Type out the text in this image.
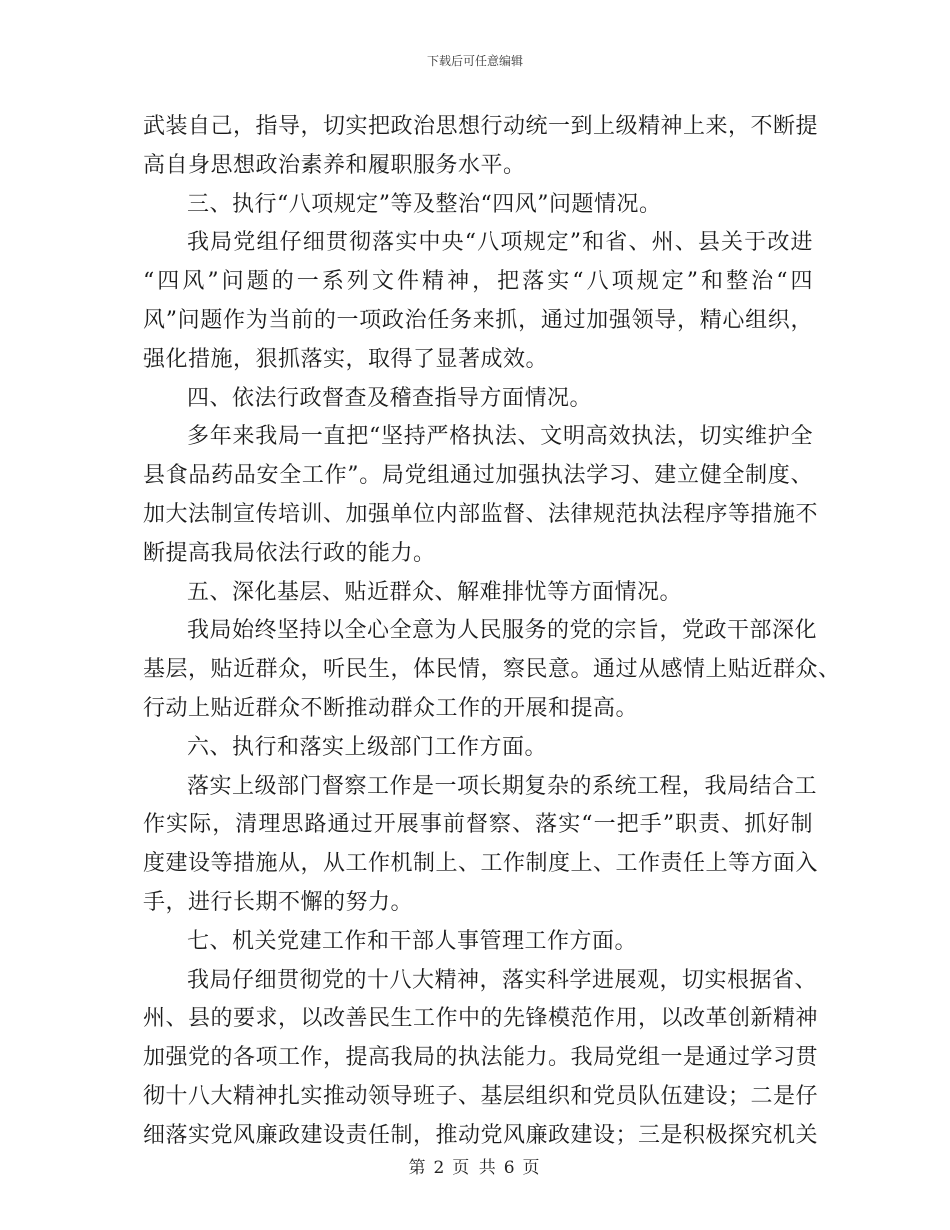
下载后可任意编辑
武装自己，指导，切实把政治思想行动统一到上级精神上来，不断提
高自身思想政治素养和履职服务水平。
三、执行“八项规定”等及整治“四风”问题情况。
我局党组仔细贯彻落实中央“八项规定”和省、州、县关于改进
“四风”问题的一系列文件精神，把落实“八项规定”和整治“四
风”问题作为当前的一项政治任务来抓，通过加强领导，精心组织，
强化措施，狠抓落实，取得了显著成效。
四、依法行政督查及稽查指导方面情况。
多年来我局一直把“坚持严格执法、文明高效执法，切实维护全
县食品药品安全工作”。局党组通过加强执法学习、建立健全制度、
加大法制宣传培训、加强单位内部监督、法律规范执法程序等措施不
断提高我局依法行政的能力。
五、深化基层、贴近群众、解难排忧等方面情况。
我局始终坚持以全心全意为人民服务的党的宗旨，党政干部深化
基层，贴近群众，听民生，体民情，察民意。通过从感情上贴近群众、
行动上贴近群众不断推动群众工作的开展和提高。
六、执行和落实上级部门工作方面。
落实上级部门督察工作是一项长期复杂的系统工程，我局结合工
作实际，清理思路通过开展事前督察、落实“一把手”职责、抓好制
度建设等措施从，从工作机制上、工作制度上、工作责任上等方面入
手，进行长期不懈的努力。
七、机关党建工作和干部人事管理工作方面。
我局仔细贯彻党的十八大精神，落实科学进展观，切实根据省、
州、县的要求，以改善民生工作中的先锋模范作用，以改革创新精神
加强党的各项工作，提高我局的执法能力。我局党组一是通过学习贯
彻十八大精神扎实推动领导班子、基层组织和党员队伍建设；二是仔
细落实党风廉政建设责任制，推动党风廉政建设；三是积极探究机关
第 2 页 共 6 页
